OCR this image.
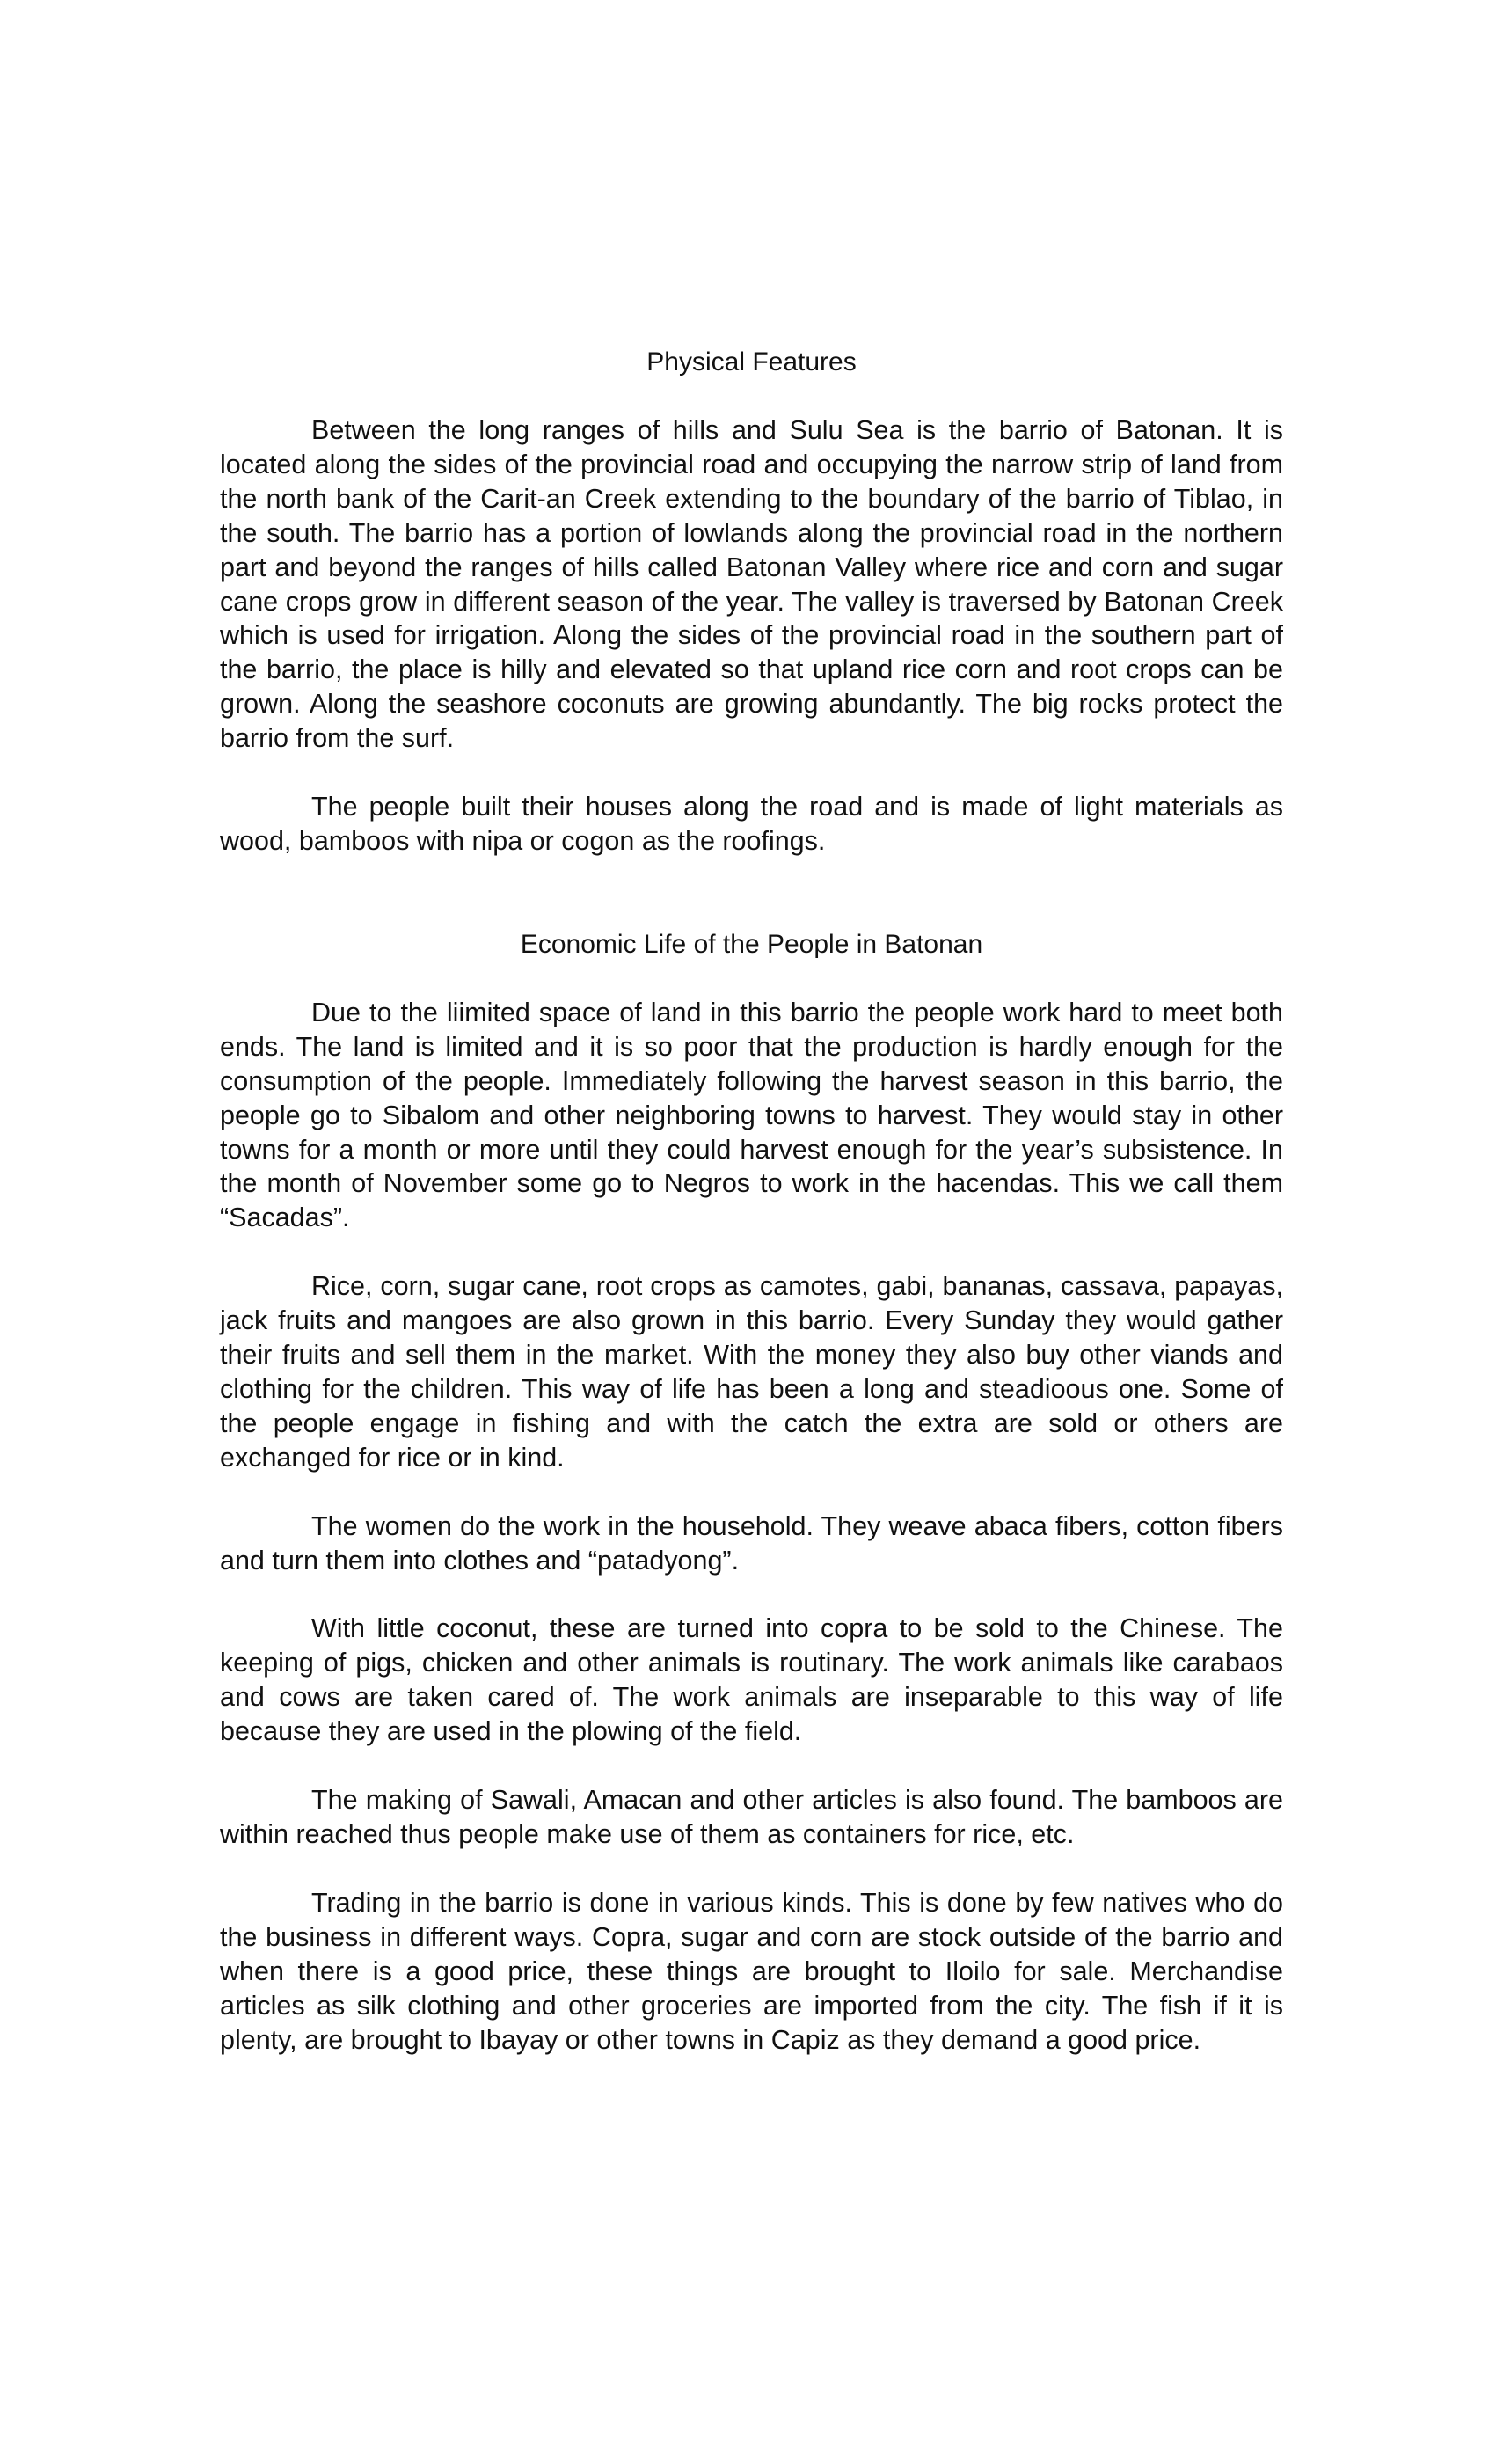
Physical Features

Between the long ranges of hills and Sulu Sea is the barrio of Batonan. It is located along the sides of the provincial road and occupying the narrow strip of land from the north bank of the Carit-an Creek extending to the boundary of the barrio of Tiblao, in the south. The barrio has a portion of lowlands along the provincial road in the northern part and beyond the ranges of hills called Batonan Valley where rice and corn and sugar cane crops grow in different season of the year. The valley is traversed by Batonan Creek which is used for irrigation. Along the sides of the provincial road in the southern part of the barrio, the place is hilly and elevated so that upland rice corn and root crops can be grown. Along the seashore coconuts are growing abundantly. The big rocks protect the barrio from the surf.

The people built their houses along the road and is made of light materials as wood, bamboos with nipa or cogon as the roofings.

Economic Life of the People in Batonan

Due to the liimited space of land in this barrio the people work hard to meet both ends. The land is limited and it is so poor that the production is hardly enough for the consumption of the people. Immediately following the harvest season in this barrio, the people go to Sibalom and other neighboring towns to harvest. They would stay in other towns for a month or more until they could harvest enough for the year’s subsistence. In the month of November some go to Negros to work in the hacendas. This we call them “Sacadas”.

Rice, corn, sugar cane, root crops as camotes, gabi, bananas, cassava, papayas, jack fruits and mangoes are also grown in this barrio. Every Sunday they would gather their fruits and sell them in the market. With the money they also buy other viands and clothing for the children. This way of life has been a long and steadioous one. Some of the people engage in fishing and with the catch the extra are sold or others are exchanged for rice or in kind.

The women do the work in the household. They weave abaca fibers, cotton fibers and turn them into clothes and “patadyong”.

With little coconut, these are turned into copra to be sold to the Chinese. The keeping of pigs, chicken and other animals is routinary. The work animals like carabaos and cows are taken cared of. The work animals are inseparable to this way of life because they are used in the plowing of the field.

The making of Sawali, Amacan and other articles is also found. The bamboos are within reached thus people make use of them as containers for rice, etc.

Trading in the barrio is done in various kinds. This is done by few natives who do the business in different ways. Copra, sugar and corn are stock outside of the barrio and when there is a good price, these things are brought to Iloilo for sale. Merchandise articles as silk clothing and other groceries are imported from the city. The fish if it is plenty, are brought to Ibayay or other towns in Capiz as they demand a good price.
